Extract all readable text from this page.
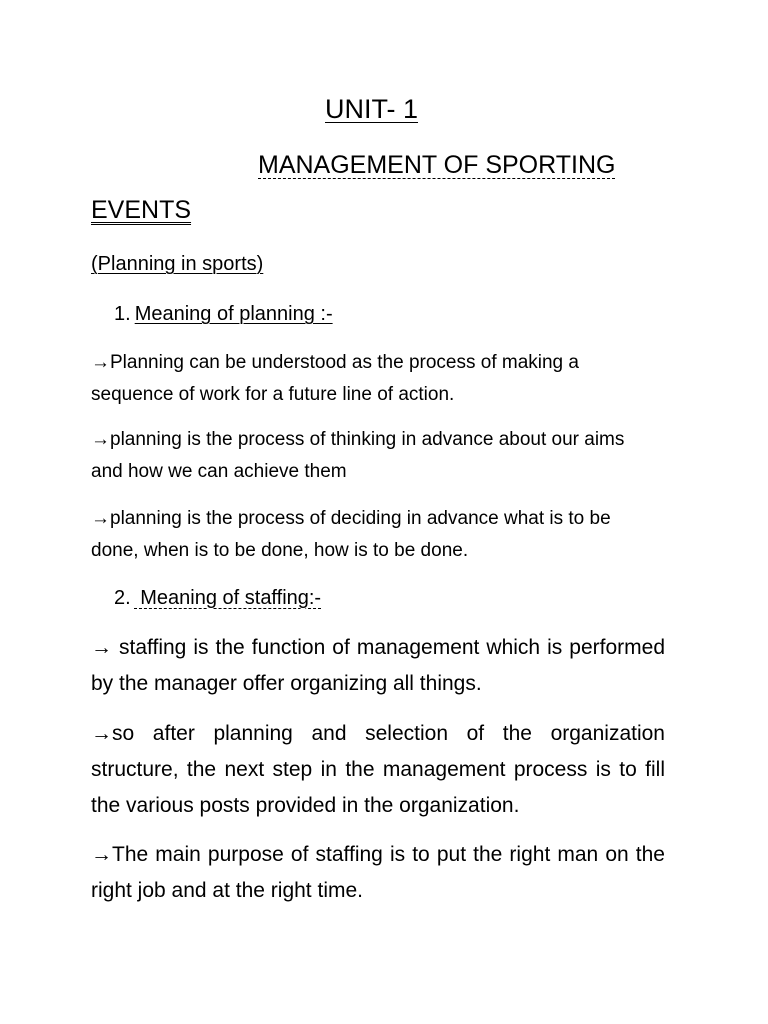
UNIT- 1
MANAGEMENT OF SPORTING
EVENTS
(Planning in sports)
1. Meaning of planning :-

→Planning can be understood as the process of making a sequence of work for a future line of action.

→planning is the process of thinking in advance about our aims and how we can achieve them

→planning is the process of deciding in advance what is to be done, when is to be done, how is to be done.

2. Meaning of staffing:-

→ staffing is the function of management which is performed by the manager offer organizing all things.

→so after planning and selection of the organization structure, the next step in the management process is to fill the various posts provided in the organization.

→The main purpose of staffing is to put the right man on the right job and at the right time.
